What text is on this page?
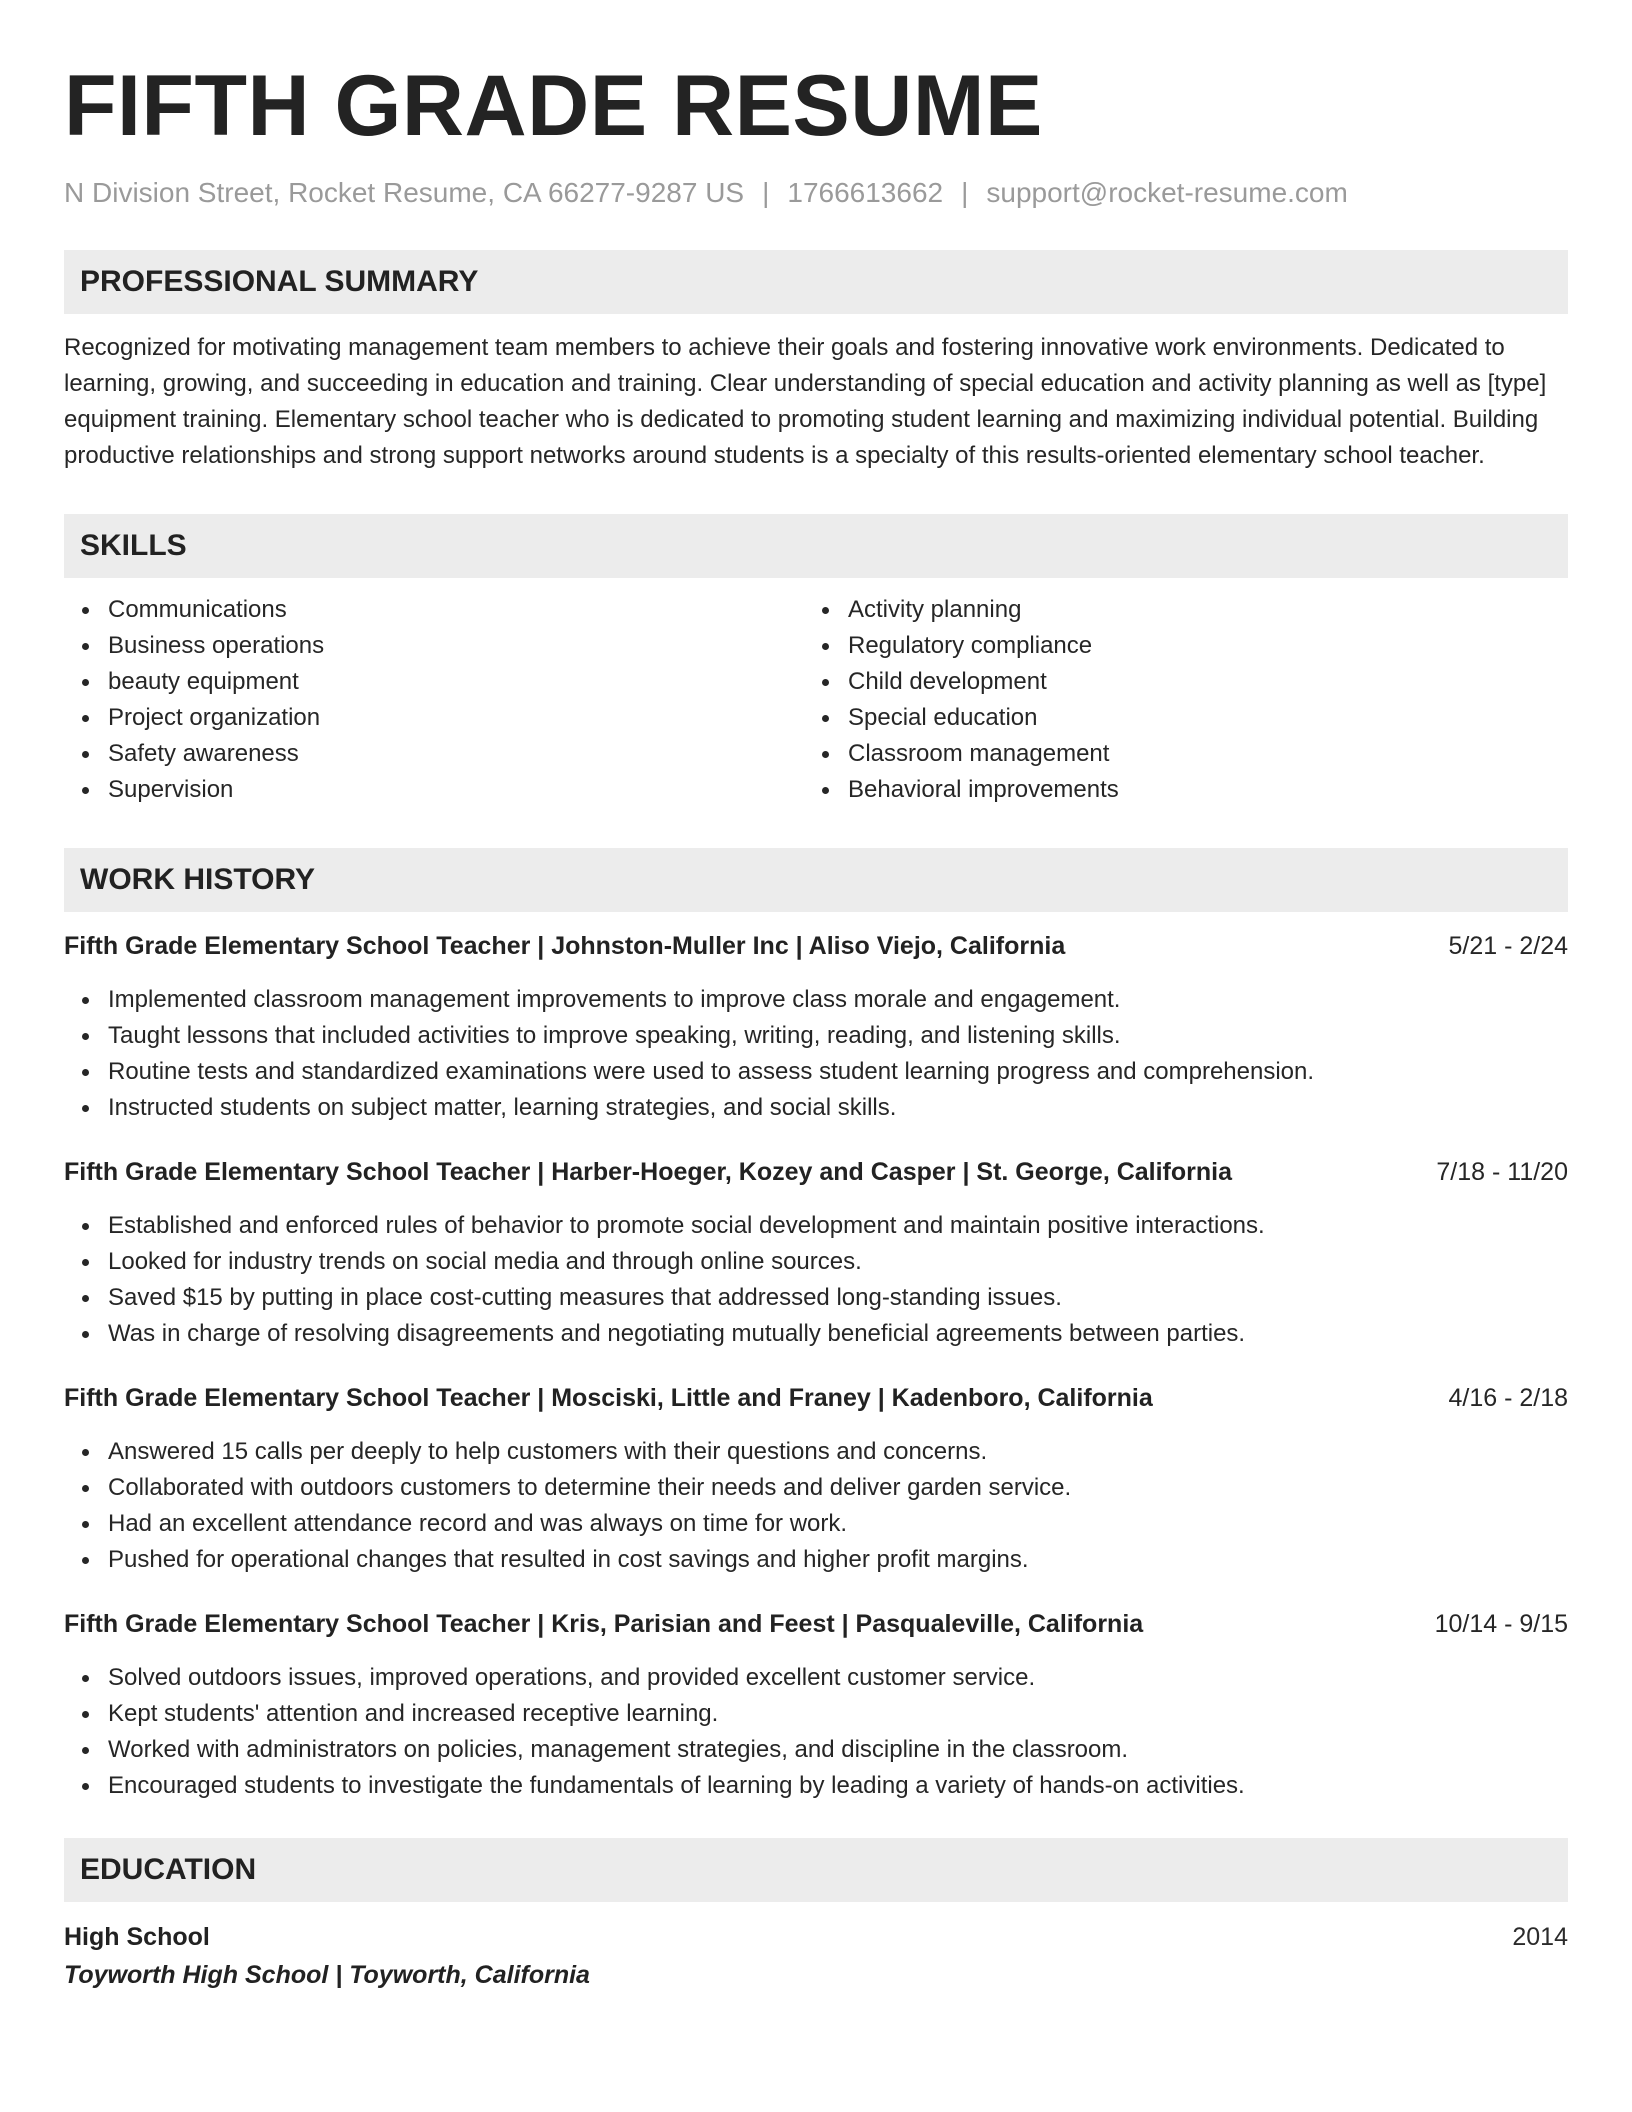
FIFTH GRADE RESUME
N Division Street, Rocket Resume, CA 66277-9287 US | 1766613662 | support@rocket-resume.com
PROFESSIONAL SUMMARY
Recognized for motivating management team members to achieve their goals and fostering innovative work environments. Dedicated to learning, growing, and succeeding in education and training. Clear understanding of special education and activity planning as well as [type] equipment training. Elementary school teacher who is dedicated to promoting student learning and maximizing individual potential. Building productive relationships and strong support networks around students is a specialty of this results-oriented elementary school teacher.
SKILLS
Communications
Business operations
beauty equipment
Project organization
Safety awareness
Supervision
Activity planning
Regulatory compliance
Child development
Special education
Classroom management
Behavioral improvements
WORK HISTORY
Fifth Grade Elementary School Teacher | Johnston-Muller Inc | Aliso Viejo, California	5/21 - 2/24
Implemented classroom management improvements to improve class morale and engagement.
Taught lessons that included activities to improve speaking, writing, reading, and listening skills.
Routine tests and standardized examinations were used to assess student learning progress and comprehension.
Instructed students on subject matter, learning strategies, and social skills.
Fifth Grade Elementary School Teacher | Harber-Hoeger, Kozey and Casper | St. George, California	7/18 - 11/20
Established and enforced rules of behavior to promote social development and maintain positive interactions.
Looked for industry trends on social media and through online sources.
Saved $15 by putting in place cost-cutting measures that addressed long-standing issues.
Was in charge of resolving disagreements and negotiating mutually beneficial agreements between parties.
Fifth Grade Elementary School Teacher | Mosciski, Little and Franey | Kadenboro, California	4/16 - 2/18
Answered 15 calls per deeply to help customers with their questions and concerns.
Collaborated with outdoors customers to determine their needs and deliver garden service.
Had an excellent attendance record and was always on time for work.
Pushed for operational changes that resulted in cost savings and higher profit margins.
Fifth Grade Elementary School Teacher | Kris, Parisian and Feest | Pasqualeville, California	10/14 - 9/15
Solved outdoors issues, improved operations, and provided excellent customer service.
Kept students' attention and increased receptive learning.
Worked with administrators on policies, management strategies, and discipline in the classroom.
Encouraged students to investigate the fundamentals of learning by leading a variety of hands-on activities.
EDUCATION
High School	2014
Toyworth High School | Toyworth, California
